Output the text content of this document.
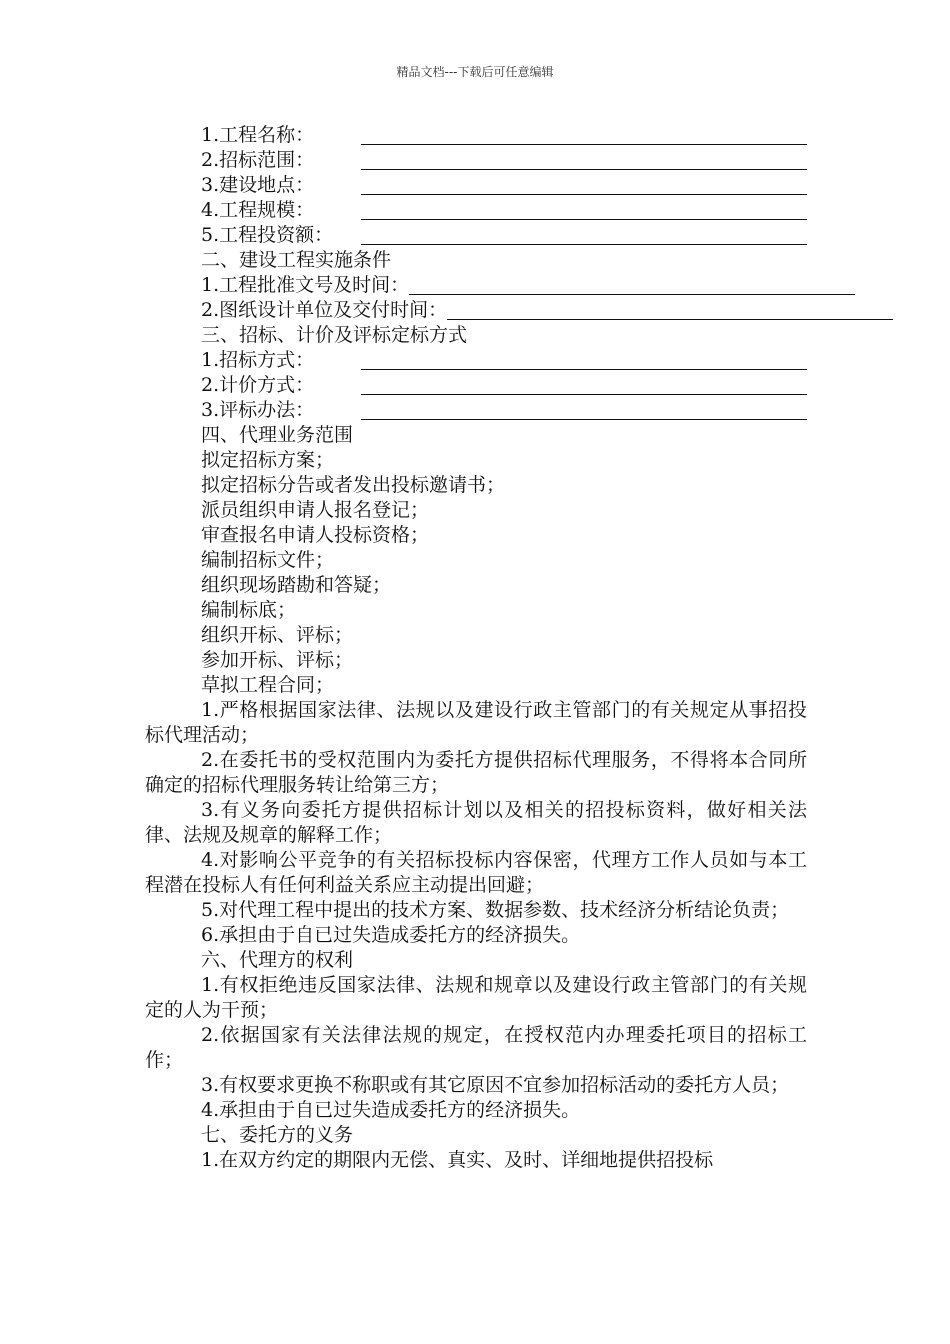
精品文档---下载后可任意编辑
1.工程名称：
2.招标范围：
3.建设地点：
4.工程规模：
5.工程投资额：
二、建设工程实施条件
1.工程批准文号及时间：
2.图纸设计单位及交付时间：
三、招标、计价及评标定标方式
1.招标方式：
2.计价方式：
3.评标办法：
四、代理业务范围
拟定招标方案；
拟定招标分告或者发出投标邀请书；
派员组织申请人报名登记；
审查报名申请人投标资格；
编制招标文件；
组织现场踏勘和答疑；
编制标底；
组织开标、评标；
参加开标、评标；
草拟工程合同；
1.严格根据国家法律、法规以及建设行政主管部门的有关规定从事招投标代理活动；
2.在委托书的受权范围内为委托方提供招标代理服务，不得将本合同所确定的招标代理服务转让给第三方；
3.有义务向委托方提供招标计划以及相关的招投标资料，做好相关法律、法规及规章的解释工作；
4.对影响公平竞争的有关招标投标内容保密，代理方工作人员如与本工程潜在投标人有任何利益关系应主动提出回避；
5.对代理工程中提出的技术方案、数据参数、技术经济分析结论负责；
6.承担由于自已过失造成委托方的经济损失。
六、代理方的权利
1.有权拒绝违反国家法律、法规和规章以及建设行政主管部门的有关规定的人为干预；
2.依据国家有关法律法规的规定，在授权范内办理委托项目的招标工作；
3.有权要求更换不称职或有其它原因不宜参加招标活动的委托方人员；
4.承担由于自已过失造成委托方的经济损失。
七、委托方的义务
1.在双方约定的期限内无偿、真实、及时、详细地提供招投标
